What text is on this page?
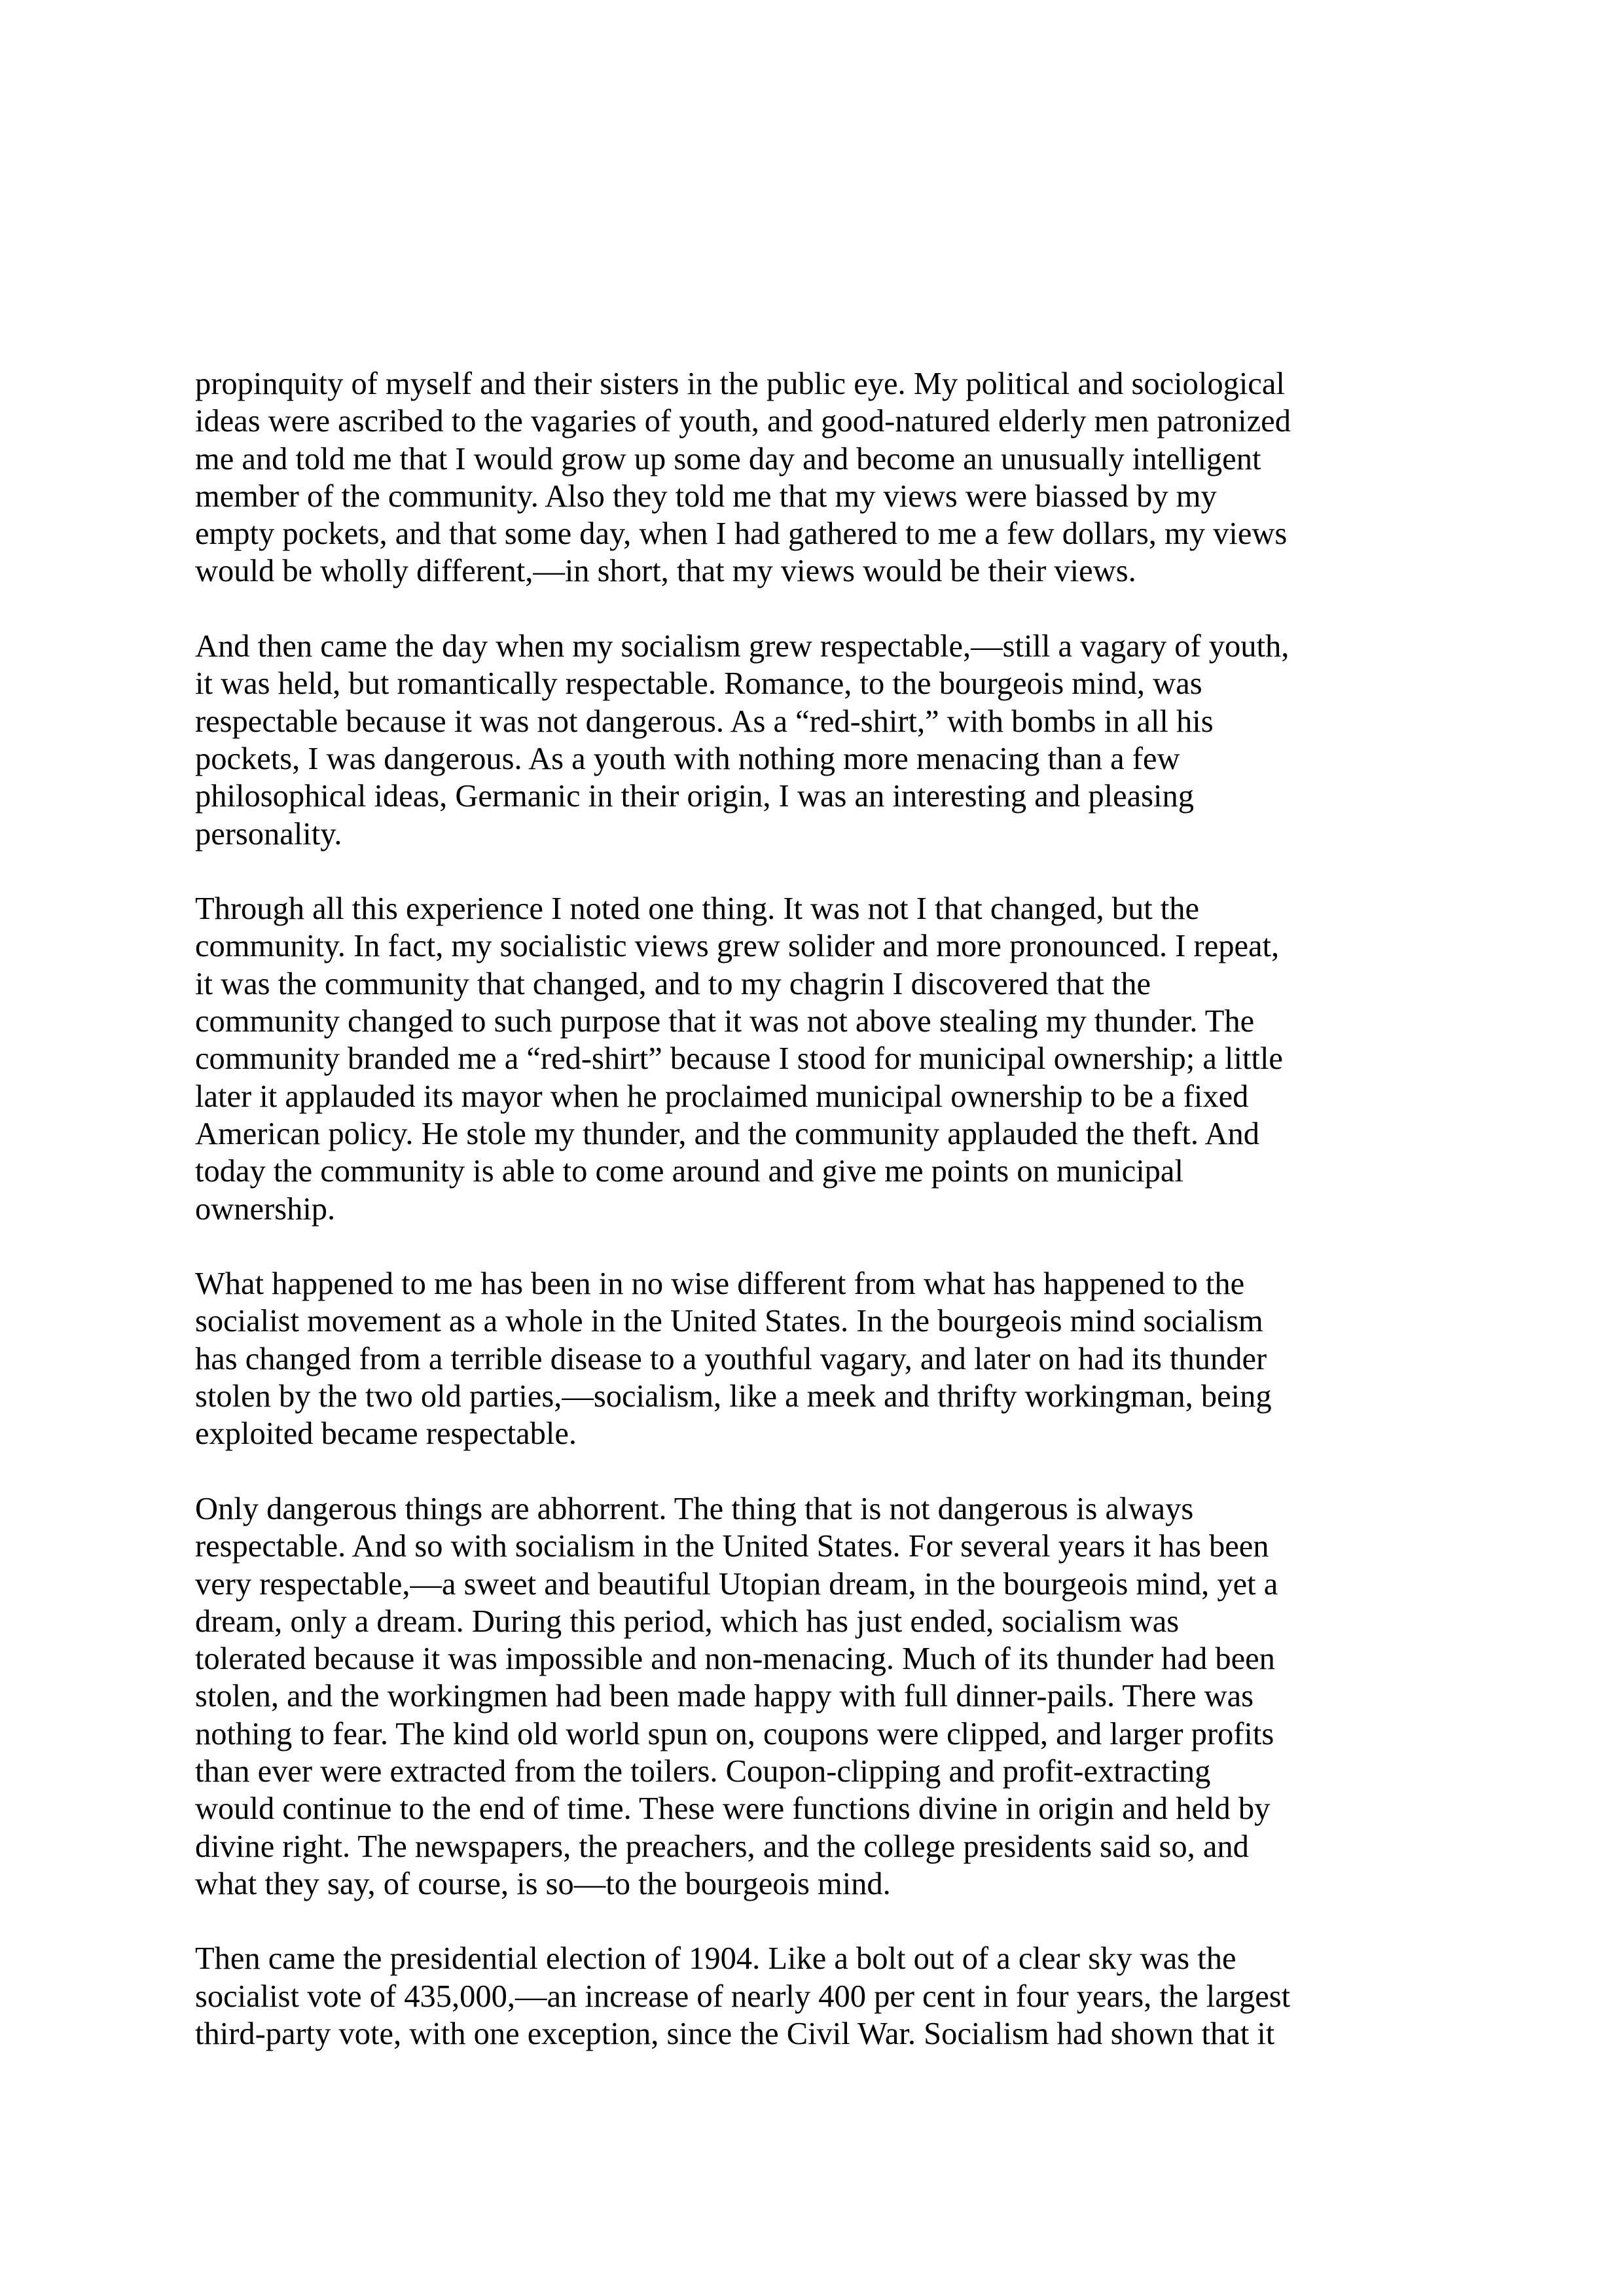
propinquity of myself and their sisters in the public eye. My political and sociological
ideas were ascribed to the vagaries of youth, and good-natured elderly men patronized
me and told me that I would grow up some day and become an unusually intelligent
member of the community. Also they told me that my views were biassed by my
empty pockets, and that some day, when I had gathered to me a few dollars, my views
would be wholly different,—in short, that my views would be their views.

And then came the day when my socialism grew respectable,—still a vagary of youth,
it was held, but romantically respectable. Romance, to the bourgeois mind, was
respectable because it was not dangerous. As a “red-shirt,” with bombs in all his
pockets, I was dangerous. As a youth with nothing more menacing than a few
philosophical ideas, Germanic in their origin, I was an interesting and pleasing
personality.

Through all this experience I noted one thing. It was not I that changed, but the
community. In fact, my socialistic views grew solider and more pronounced. I repeat,
it was the community that changed, and to my chagrin I discovered that the
community changed to such purpose that it was not above stealing my thunder. The
community branded me a “red-shirt” because I stood for municipal ownership; a little
later it applauded its mayor when he proclaimed municipal ownership to be a fixed
American policy. He stole my thunder, and the community applauded the theft. And
today the community is able to come around and give me points on municipal
ownership.

What happened to me has been in no wise different from what has happened to the
socialist movement as a whole in the United States. In the bourgeois mind socialism
has changed from a terrible disease to a youthful vagary, and later on had its thunder
stolen by the two old parties,—socialism, like a meek and thrifty workingman, being
exploited became respectable.

Only dangerous things are abhorrent. The thing that is not dangerous is always
respectable. And so with socialism in the United States. For several years it has been
very respectable,—a sweet and beautiful Utopian dream, in the bourgeois mind, yet a
dream, only a dream. During this period, which has just ended, socialism was
tolerated because it was impossible and non-menacing. Much of its thunder had been
stolen, and the workingmen had been made happy with full dinner-pails. There was
nothing to fear. The kind old world spun on, coupons were clipped, and larger profits
than ever were extracted from the toilers. Coupon-clipping and profit-extracting
would continue to the end of time. These were functions divine in origin and held by
divine right. The newspapers, the preachers, and the college presidents said so, and
what they say, of course, is so—to the bourgeois mind.

Then came the presidential election of 1904. Like a bolt out of a clear sky was the
socialist vote of 435,000,—an increase of nearly 400 per cent in four years, the largest
third-party vote, with one exception, since the Civil War. Socialism had shown that it
